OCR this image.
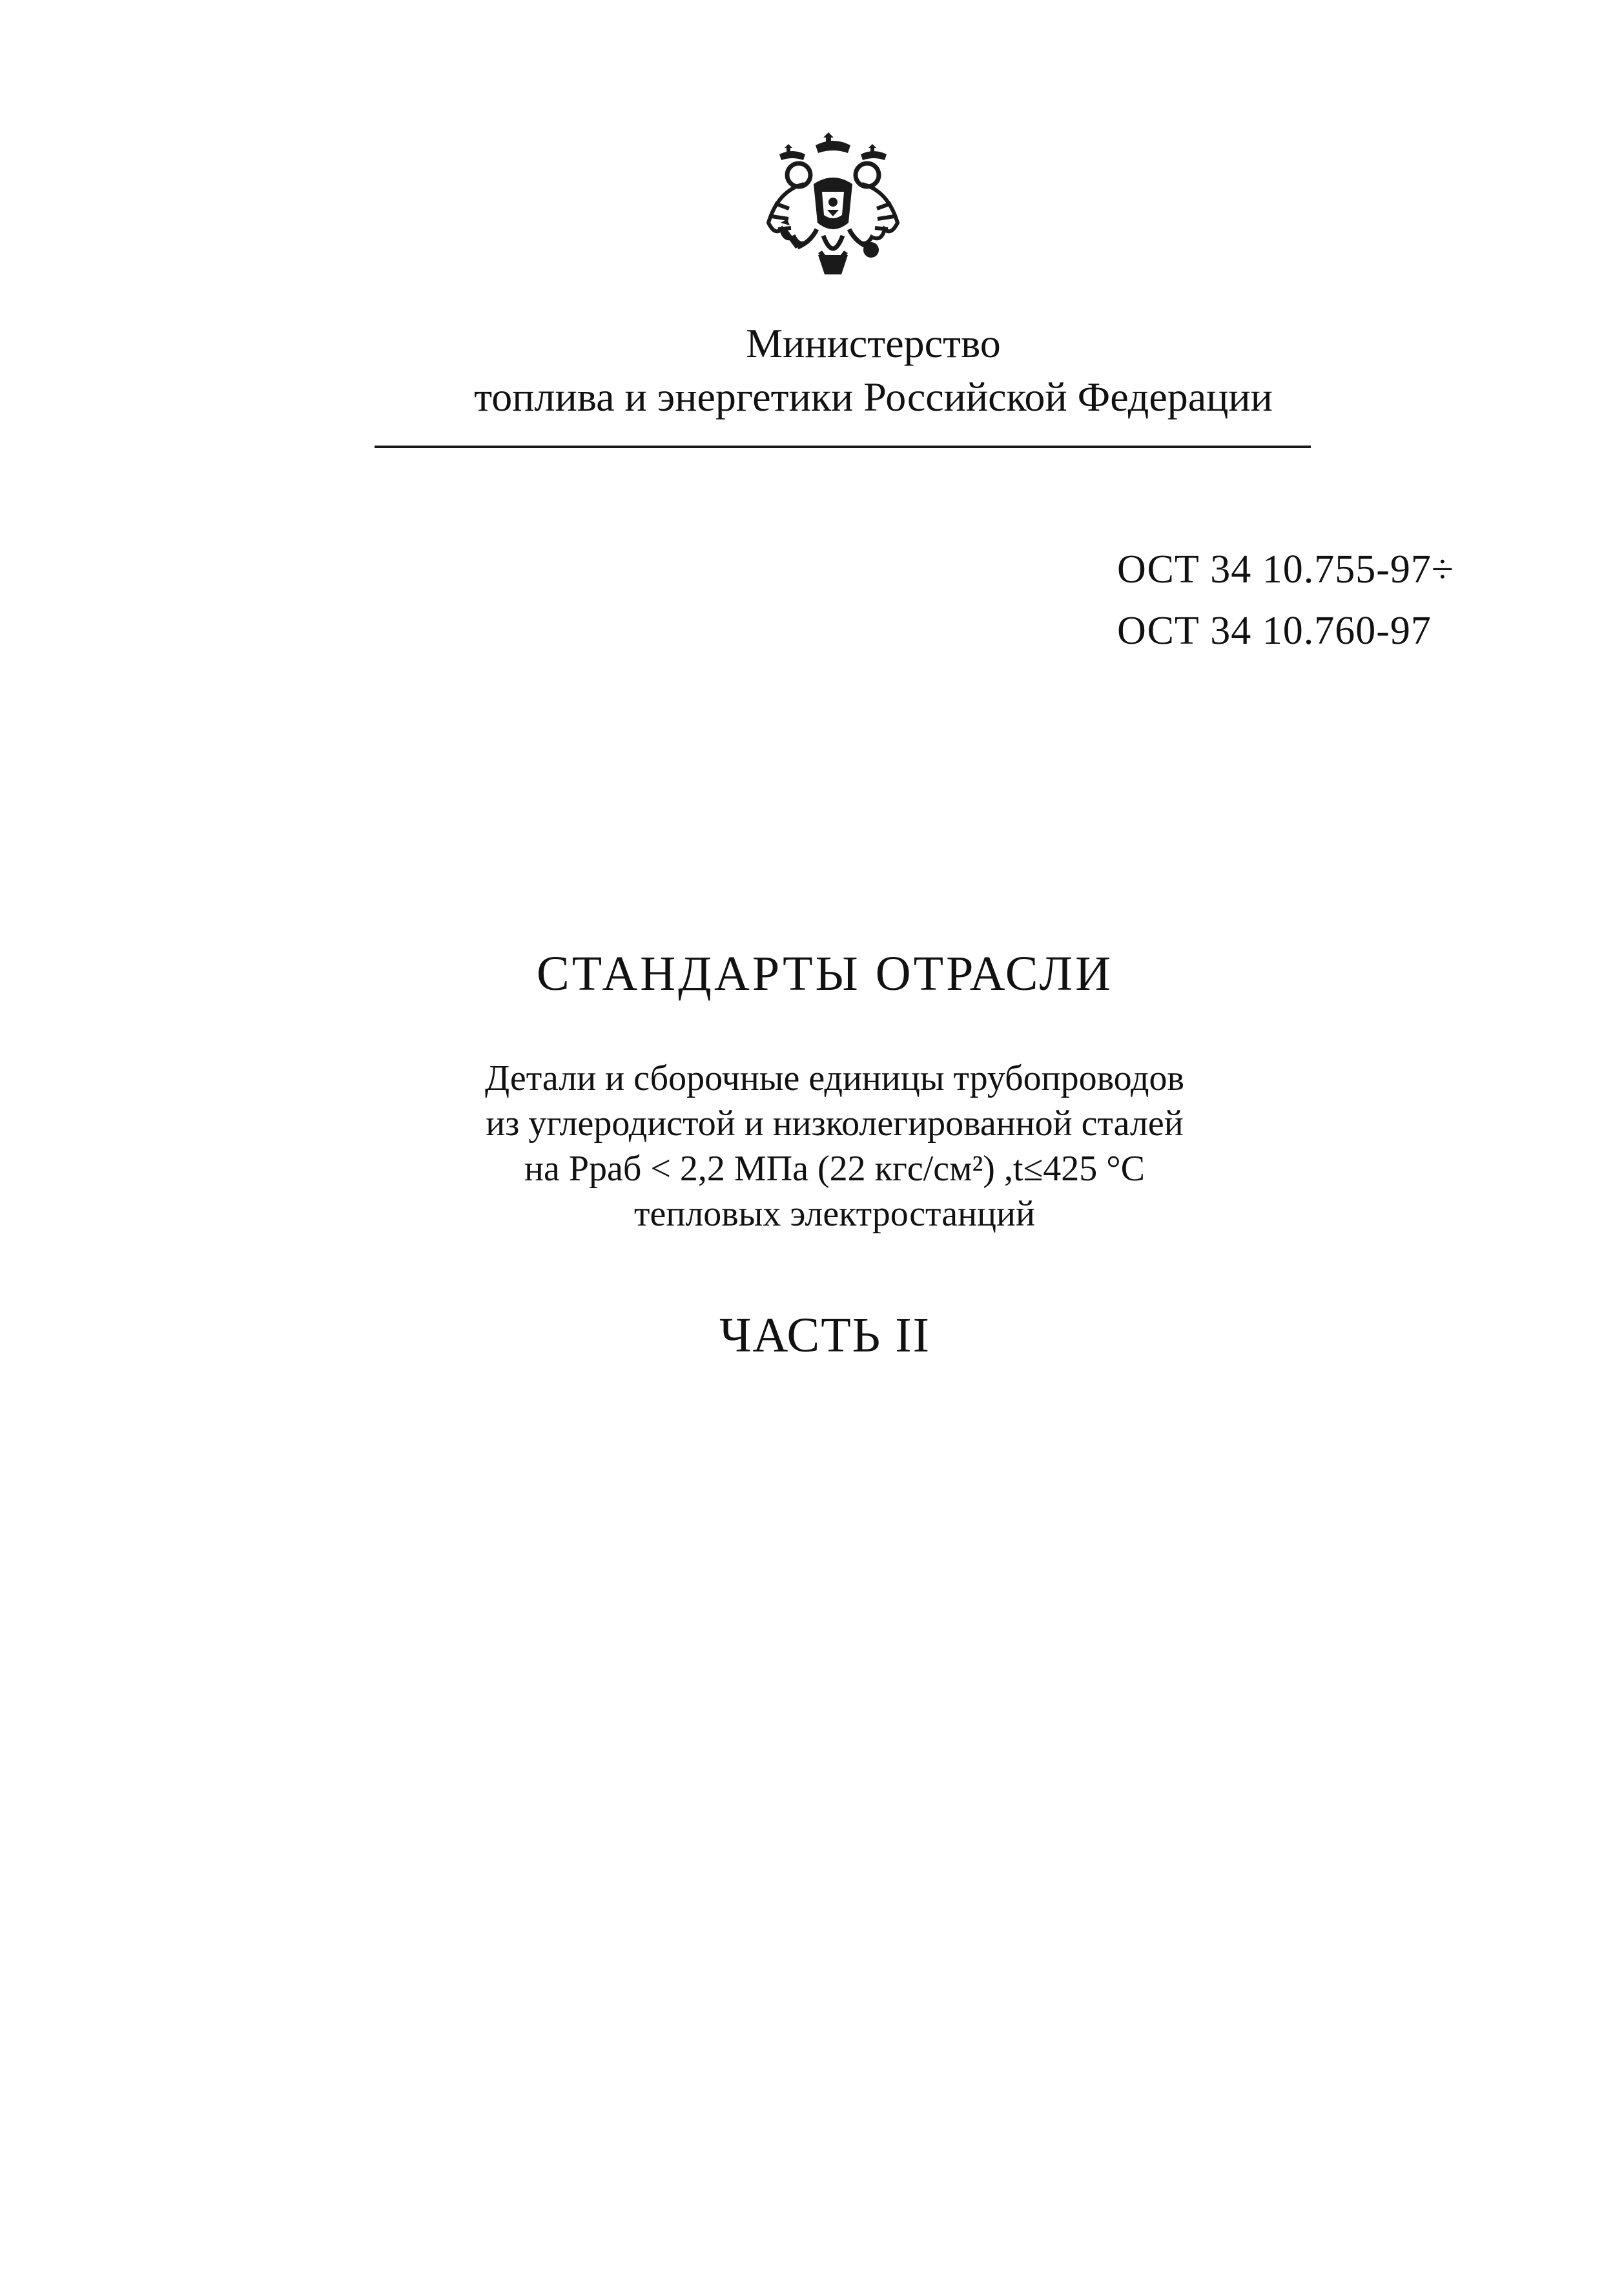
Министерство
топлива и энергетики Российской Федерации
ОСТ 34 10.755-97÷
ОСТ 34 10.760-97
СТАНДАРТЫ ОТРАСЛИ
Детали и сборочные единицы трубопроводов
из углеродистой и низколегированной сталей
на Рраб < 2,2 МПа (22 кгс/см²) ,t≤425 °С
тепловых электростанций
ЧАСТЬ II
